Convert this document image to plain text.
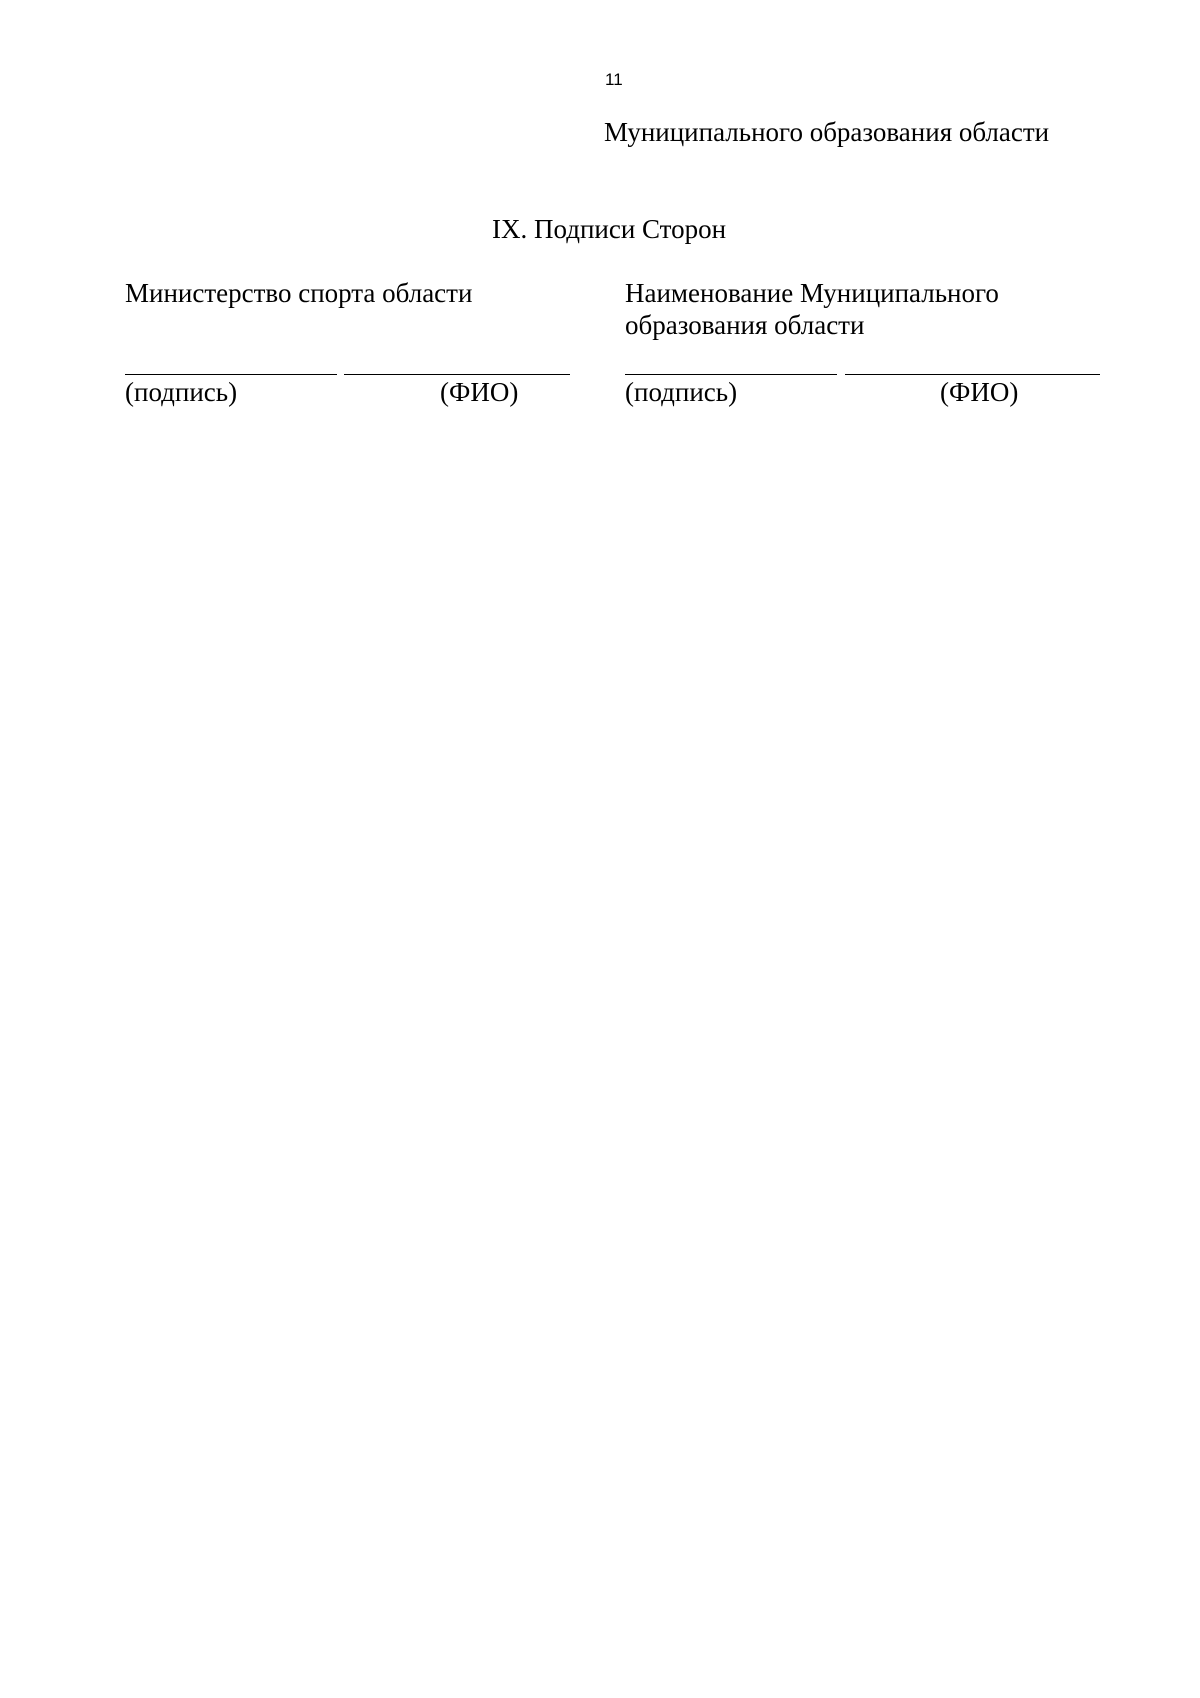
11
Муниципального образования области
IX. Подписи Сторон
Министерство спорта области
(подпись)	(ФИО)
Наименование Муниципального образования области
(подпись)	(ФИО)
